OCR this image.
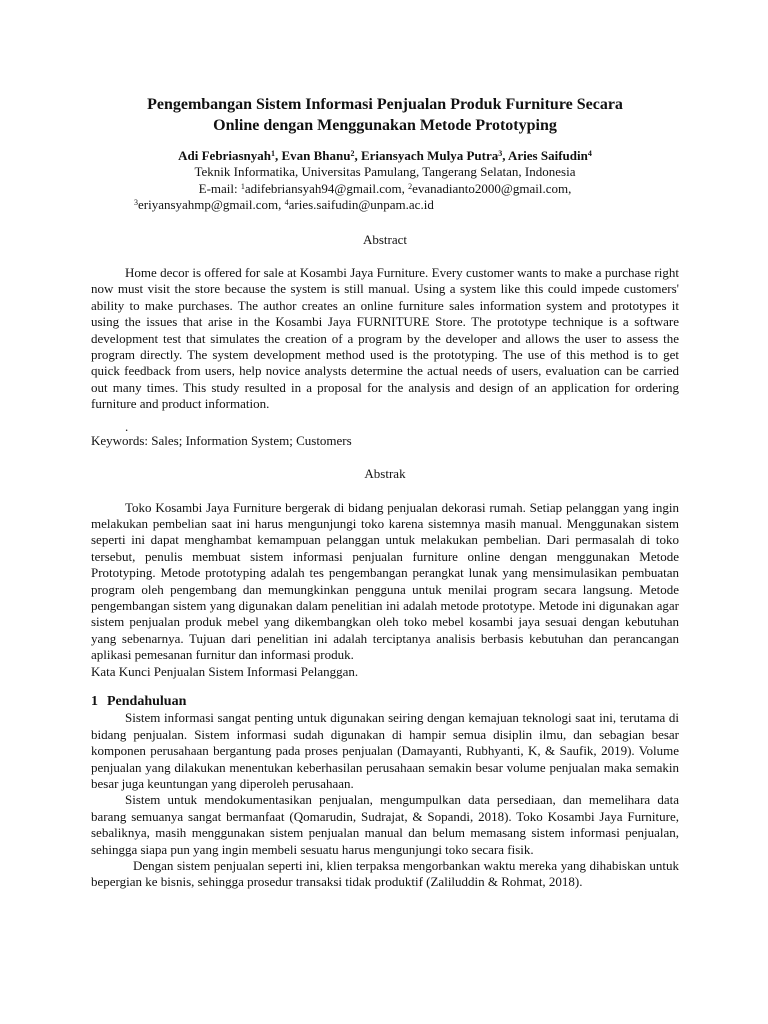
Pengembangan Sistem Informasi Penjualan Produk Furniture Secara
Online dengan Menggunakan Metode Prototyping
Adi Febriasnyah$^1$, Evan Bhanu$^2$, Eriansyach Mulya Putra$^3$, Aries Saifudin$^4$
Teknik Informatika, Universitas Pamulang, Tangerang Selatan, Indonesia
E-mail: $^1$adifebriansyah94@gmail.com, $^2$evanadianto2000@gmail.com,
$^3$eriyansyahmp@gmail.com, $^4$aries.saifudin@unpam.ac.id
Abstract

Home decor is offered for sale at Kosambi Jaya Furniture. Every customer wants to make a purchase right now must visit the store because the system is still manual. Using a system like this could impede customers' ability to make purchases. The author creates an online furniture sales information system and prototypes it using the issues that arise in the Kosambi Jaya FURNITURE Store. The prototype technique is a software development test that simulates the creation of a program by the developer and allows the user to assess the program directly. The system development method used is the prototyping. The use of this method is to get quick feedback from users, help novice analysts determine the actual needs of users, evaluation can be carried out many times. This study resulted in a proposal for the analysis and design of an application for ordering furniture and product information.

.
Keywords: Sales; Information System; Customers
Abstrak

Toko Kosambi Jaya Furniture bergerak di bidang penjualan dekorasi rumah. Setiap pelanggan yang ingin melakukan pembelian saat ini harus mengunjungi toko karena sistemnya masih manual. Menggunakan sistem seperti ini dapat menghambat kemampuan pelanggan untuk melakukan pembelian. Dari permasalah di toko tersebut, penulis membuat sistem informasi penjualan furniture online dengan menggunakan Metode Prototyping. Metode prototyping adalah tes pengembangan perangkat lunak yang mensimulasikan pembuatan program oleh pengembang dan memungkinkan pengguna untuk menilai program secara langsung. Metode pengembangan sistem yang digunakan dalam penelitian ini adalah metode prototype. Metode ini digunakan agar sistem penjualan produk mebel yang dikembangkan oleh toko mebel kosambi jaya sesuai dengan kebutuhan yang sebenarnya. Tujuan dari penelitian ini adalah terciptanya analisis berbasis kebutuhan dan perancangan aplikasi pemesanan furnitur dan informasi produk.

Kata Kunci Penjualan Sistem Informasi Pelanggan.
1 Pendahuluan

Sistem informasi sangat penting untuk digunakan seiring dengan kemajuan teknologi saat ini, terutama di bidang penjualan. Sistem informasi sudah digunakan di hampir semua disiplin ilmu, dan sebagian besar komponen perusahaan bergantung pada proses penjualan (Damayanti, Rubhyanti, K, & Saufik, 2019). Volume penjualan yang dilakukan menentukan keberhasilan perusahaan semakin besar volume penjualan maka semakin besar juga keuntungan yang diperoleh perusahaan.

Sistem untuk mendokumentasikan penjualan, mengumpulkan data persediaan, dan memelihara data barang semuanya sangat bermanfaat (Qomarudin, Sudrajat, & Sopandi, 2018). Toko Kosambi Jaya Furniture, sebaliknya, masih menggunakan sistem penjualan manual dan belum memasang sistem informasi penjualan, sehingga siapa pun yang ingin membeli sesuatu harus mengunjungi toko secara fisik.

Dengan sistem penjualan seperti ini, klien terpaksa mengorbankan waktu mereka yang dihabiskan untuk bepergian ke bisnis, sehingga prosedur transaksi tidak produktif (Zaliluddin & Rohmat, 2018).
